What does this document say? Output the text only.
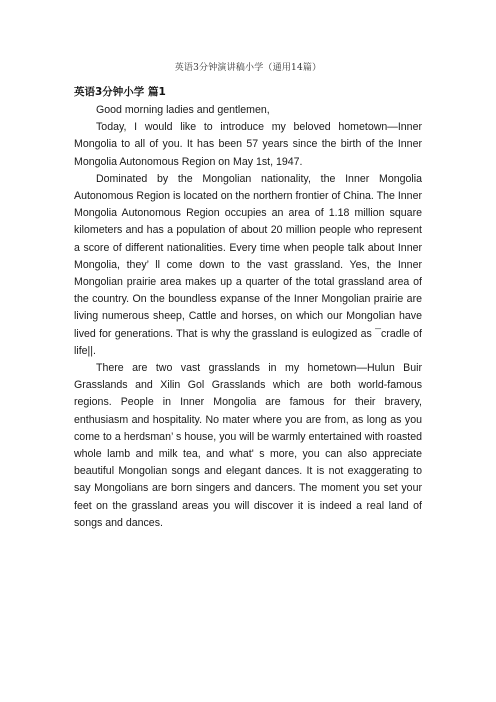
英语3分钟演讲稿小学（通用14篇）
英语3分钟小学 篇1

Good morning ladies and gentlemen,

Today, I would like to introduce my beloved hometown—Inner Mongolia to all of you. It has been 57 years since the birth of the Inner Mongolia Autonomous Region on May 1st, 1947.

Dominated by the Mongolian nationality, the Inner Mongolia Autonomous Region is located on the northern frontier of China. The Inner Mongolia Autonomous Region occupies an area of 1.18 million square kilometers and has a population of about 20 million people who represent a score of different nationalities. Every time when people talk about Inner Mongolia, they’ ll come down to the vast grassland. Yes, the Inner Mongolian prairie area makes up a quarter of the total grassland area of the country. On the boundless expanse of the Inner Mongolian prairie are living numerous sheep, Cattle and horses, on which our Mongolian have lived for generations. That is why the grassland is eulogized as ¯cradle of life||.

There are two vast grasslands in my hometown—Hulun Buir Grasslands and Xilin Gol Grasslands which are both world-famous regions. People in Inner Mongolia are famous for their bravery, enthusiasm and hospitality. No mater where you are from, as long as you come to a herdsman’ s house, you will be warmly entertained with roasted whole lamb and milk tea, and what' s more, you can also appreciate beautiful Mongolian songs and elegant dances. It is not exaggerating to say Mongolians are born singers and dancers. The moment you set your feet on the grassland areas you will discover it is indeed a real land of songs and dances.
